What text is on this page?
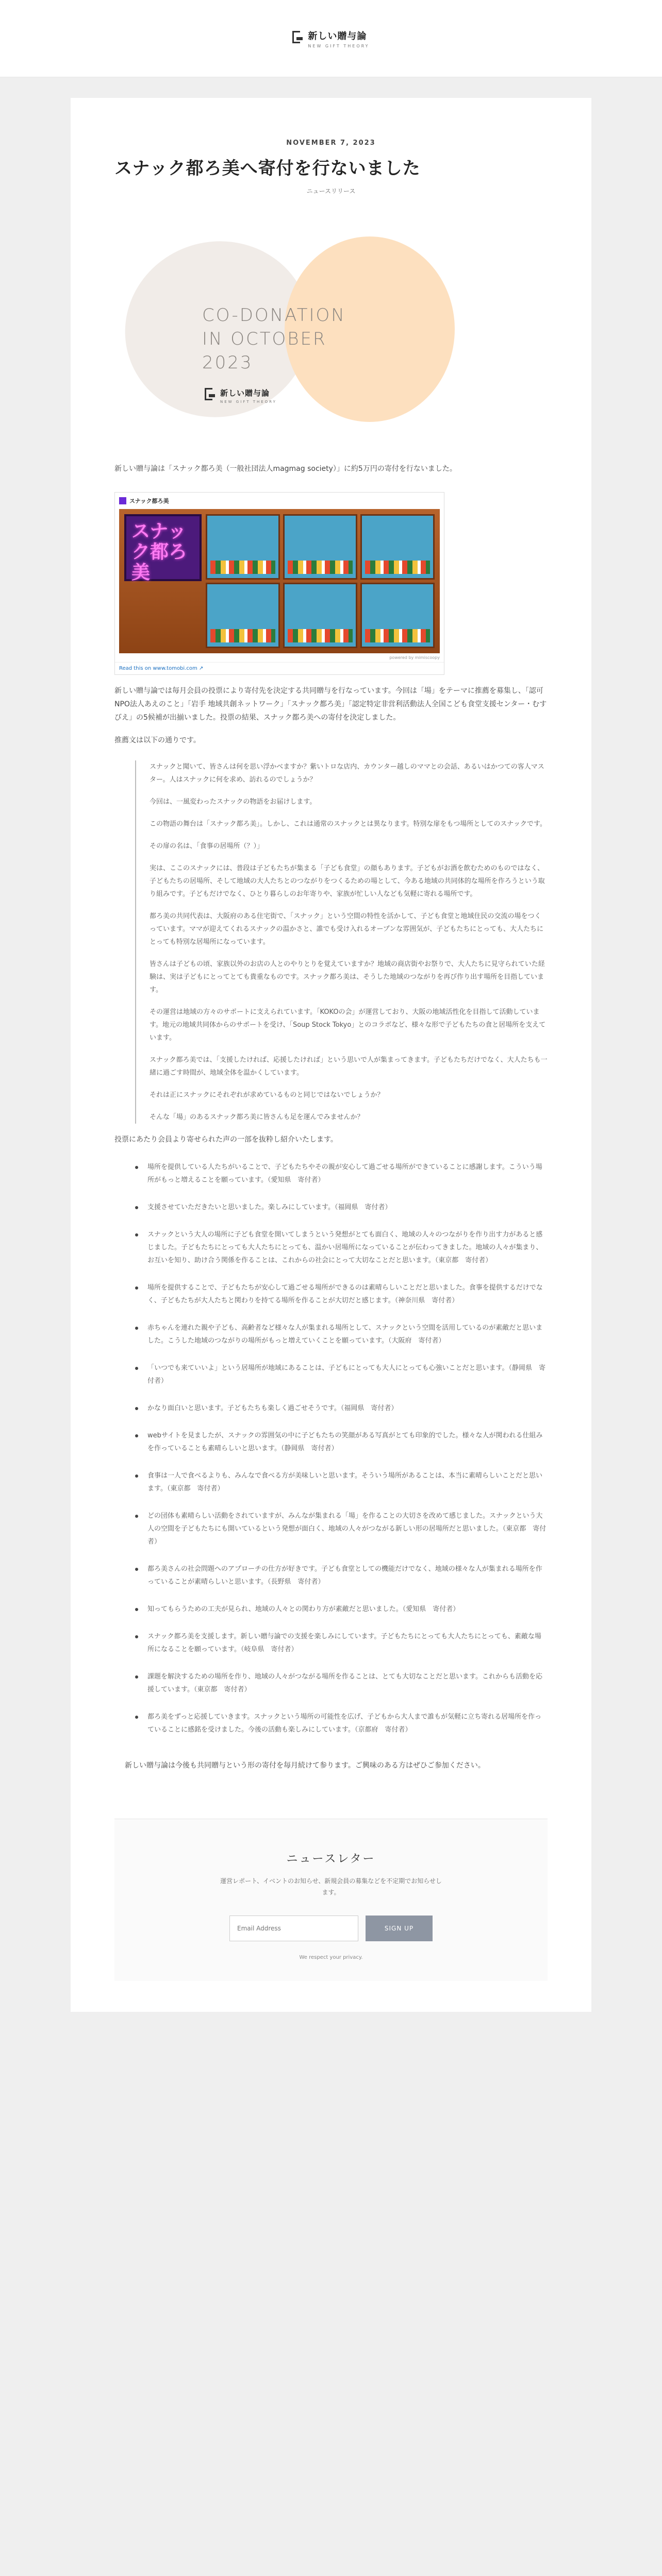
新しい贈与論
NEW GIFT THEORY
NOVEMBER 7, 2023
スナック都ろ美へ寄付を行ないました
ニュースリリース
CO-DONATION
IN OCTOBER
2023
新しい贈与論
NEW GIFT THEORY

新しい贈与論は「スナック都ろ美（一般社団法人magmag society）」に約5万円の寄付を行ないました。

スナック都ろ美
スナック都ろ美
powered by mimiscoopy
Read this on www.tomobi.com ↗

新しい贈与論では毎月会員の投票により寄付先を決定する共同贈与を行なっています。今回は「場」をテーマに推薦を募集し、「認可NPO法人あえのこと」「岩手 地域共創ネットワーク」「スナック都ろ美」「認定特定非営利活動法人全国こども食堂支援センター・むすびえ」の5候補が出揃いました。投票の結果、スナック都ろ美への寄付を決定しました。

推薦文は以下の通りです。

スナックと聞いて、皆さんは何を思い浮かべますか？紫いトロな店内、カウンター越しのママとの会話、あるいはかつての客人マスター。人はスナックに何を求め、訪れるのでしょうか？

今回は、一風変わったスナックの物語をお届けします。

この物語の舞台は「スナック都ろ美」。しかし、これは通常のスナックとは異なります。特別な扉をもつ場所としてのスナックです。

その扉の名は、「食事の居場所（？）」

実は、ここのスナックには、普段は子どもたちが集まる「子ども食堂」の顔もあります。子どもがお酒を飲むためのものではなく、子どもたちの居場所、そして地域の大人たちとのつながりをつくるための場として、今ある地域の共同体的な場所を作ろうという取り組みです。子どもだけでなく、ひとり暮らしのお年寄りや、家族が忙しい人なども気軽に寄れる場所です。

都ろ美の共同代表は、大阪府のある住宅街で、「スナック」という空間の特性を活かして、子ども食堂と地域住民の交流の場をつくっています。ママが迎えてくれるスナックの温かさと、誰でも受け入れるオープンな雰囲気が、子どもたちにとっても、大人たちにとっても特別な居場所になっています。

皆さんは子どもの頃、家族以外のお店の人とのやりとりを覚えていますか？地域の商店街やお祭りで、大人たちに見守られていた経験は、実は子どもにとってとても貴重なものです。スナック都ろ美は、そうした地域のつながりを再び作り出す場所を目指しています。

その運営は地域の方々のサポートに支えられています。「KOKOの会」が運営しており、大阪の地域活性化を目指して活動しています。地元の地域共同体からのサポートを受け、「Soup Stock Tokyo」とのコラボなど、様々な形で子どもたちの食と居場所を支えています。

スナック都ろ美では、「支援したければ、応援したければ」という思いで人が集まってきます。子どもたちだけでなく、大人たちも一緒に過ごす時間が、地域全体を温かくしています。

それは正にスナックにそれぞれが求めているものと同じではないでしょうか？

そんな「場」のあるスナック都ろ美に皆さんも足を運んでみませんか？

投票にあたり会員より寄せられた声の一部を抜粋し紹介いたします。

場所を提供している人たちがいることで、子どもたちやその親が安心して過ごせる場所ができていることに感謝します。こういう場所がもっと増えることを願っています。（愛知県　寄付者）
支援させていただきたいと思いました。楽しみにしています。（福岡県　寄付者）
スナックという大人の場所に子ども食堂を開いてしまうという発想がとても面白く、地域の人々のつながりを作り出す力があると感じました。子どもたちにとっても大人たちにとっても、温かい居場所になっていることが伝わってきました。地域の人々が集まり、お互いを知り、助け合う関係を作ることは、これからの社会にとって大切なことだと思います。（東京都　寄付者）
場所を提供することで、子どもたちが安心して過ごせる場所ができるのは素晴らしいことだと思いました。食事を提供するだけでなく、子どもたちが大人たちと関わりを持てる場所を作ることが大切だと感じます。（神奈川県　寄付者）
赤ちゃんを連れた親や子ども、高齢者など様々な人が集まれる場所として、スナックという空間を活用しているのが素敵だと思いました。こうした地域のつながりの場所がもっと増えていくことを願っています。（大阪府　寄付者）
「いつでも来ていいよ」という居場所が地域にあることは、子どもにとっても大人にとっても心強いことだと思います。（静岡県　寄付者）
かなり面白いと思います。子どもたちも楽しく過ごせそうです。（福岡県　寄付者）
webサイトを見ましたが、スナックの雰囲気の中に子どもたちの笑顔がある写真がとても印象的でした。様々な人が関われる仕組みを作っていることも素晴らしいと思います。（静岡県　寄付者）
食事は一人で食べるよりも、みんなで食べる方が美味しいと思います。そういう場所があることは、本当に素晴らしいことだと思います。（東京都　寄付者）
どの団体も素晴らしい活動をされていますが、みんなが集まれる「場」を作ることの大切さを改めて感じました。スナックという大人の空間を子どもたちにも開いているという発想が面白く、地域の人々がつながる新しい形の居場所だと思いました。（東京都　寄付者）
都ろ美さんの社会問題へのアプローチの仕方が好きです。子ども食堂としての機能だけでなく、地域の様々な人が集まれる場所を作っていることが素晴らしいと思います。（長野県　寄付者）
知ってもらうための工夫が見られ、地域の人々との関わり方が素敵だと思いました。（愛知県　寄付者）
スナック都ろ美を支援します。新しい贈与論での支援を楽しみにしています。子どもたちにとっても大人たちにとっても、素敵な場所になることを願っています。（岐阜県　寄付者）
課題を解決するための場所を作り、地域の人々がつながる場所を作ることは、とても大切なことだと思います。これからも活動を応援しています。（東京都　寄付者）
都ろ美をずっと応援していきます。スナックという場所の可能性を広げ、子どもから大人まで誰もが気軽に立ち寄れる居場所を作っていることに感銘を受けました。今後の活動も楽しみにしています。（京都府　寄付者）

新しい贈与論は今後も共同贈与という形の寄付を毎月続けて参ります。ご興味のある方はぜひご参加ください。

ニュースレター
運営レポート、イベントのお知らせ、新規会員の募集などを不定期でお知らせします。
Email Address
SIGN UP
We respect your privacy.
